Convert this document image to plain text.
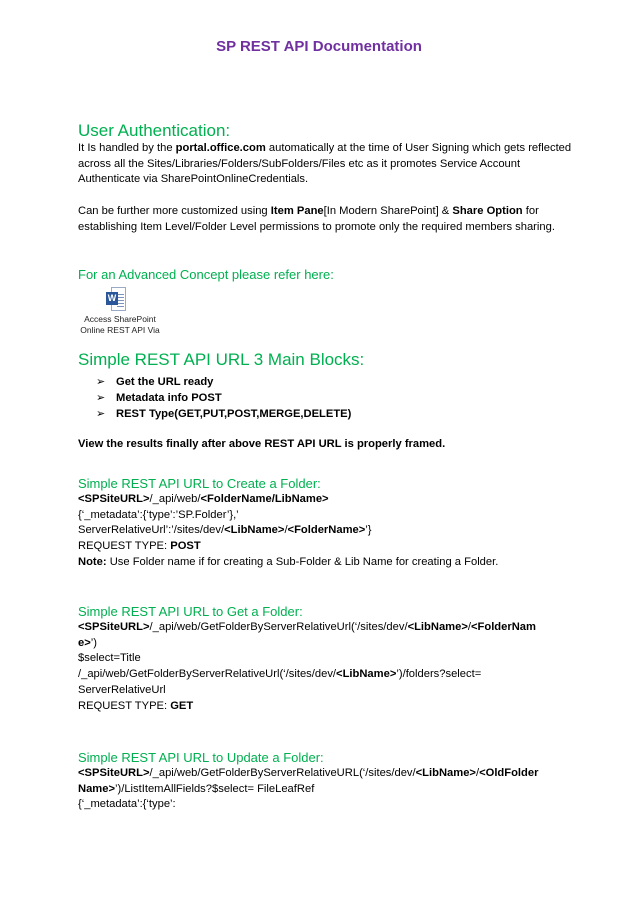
SP REST API Documentation
User Authentication:

It Is handled by the portal.office.com automatically at the time of User Signing which gets reflected across all the Sites/Libraries/Folders/SubFolders/Files etc as it promotes Service Account Authenticate via SharePointOnlineCredentials.

Can be further more customized using Item Pane[In Modern SharePoint] & Share Option for establishing Item Level/Folder Level permissions to promote only the required members sharing.

For an Advanced Concept please refer here:
W
Access SharePoint Online REST API Via
Simple REST API URL 3 Main Blocks:
➢ Get the URL ready
➢ Metadata info POST
➢ REST Type(GET,PUT,POST,MERGE,DELETE)

View the results finally after above REST API URL is properly framed.

Simple REST API URL to Create a Folder:

<SPSiteURL>/_api/web/<FolderName/LibName>

{‘_metadata’:{‘type’:’SP.Folder’},’

ServerRelativeUrl’:’/sites/dev/<LibName>/<FolderName>’}

REQUEST TYPE: POST

Note: Use Folder name if for creating a Sub-Folder & Lib Name for creating a Folder.

Simple REST API URL to Get a Folder:

<SPSiteURL>/_api/web/GetFolderByServerRelativeUrl(‘/sites/dev/<LibName>/<FolderNam

e>’)

$select=Title

/_api/web/GetFolderByServerRelativeUrl(‘/sites/dev/<LibName>’)/folders?select=

ServerRelativeUrl

REQUEST TYPE: GET

Simple REST API URL to Update a Folder:

<SPSiteURL>/_api/web/GetFolderByServerRelativeURL(‘/sites/dev/<LibName>/<OldFolder

Name>’)/ListItemAllFields?$select= FileLeafRef

{‘_metadata’:{‘type’:
